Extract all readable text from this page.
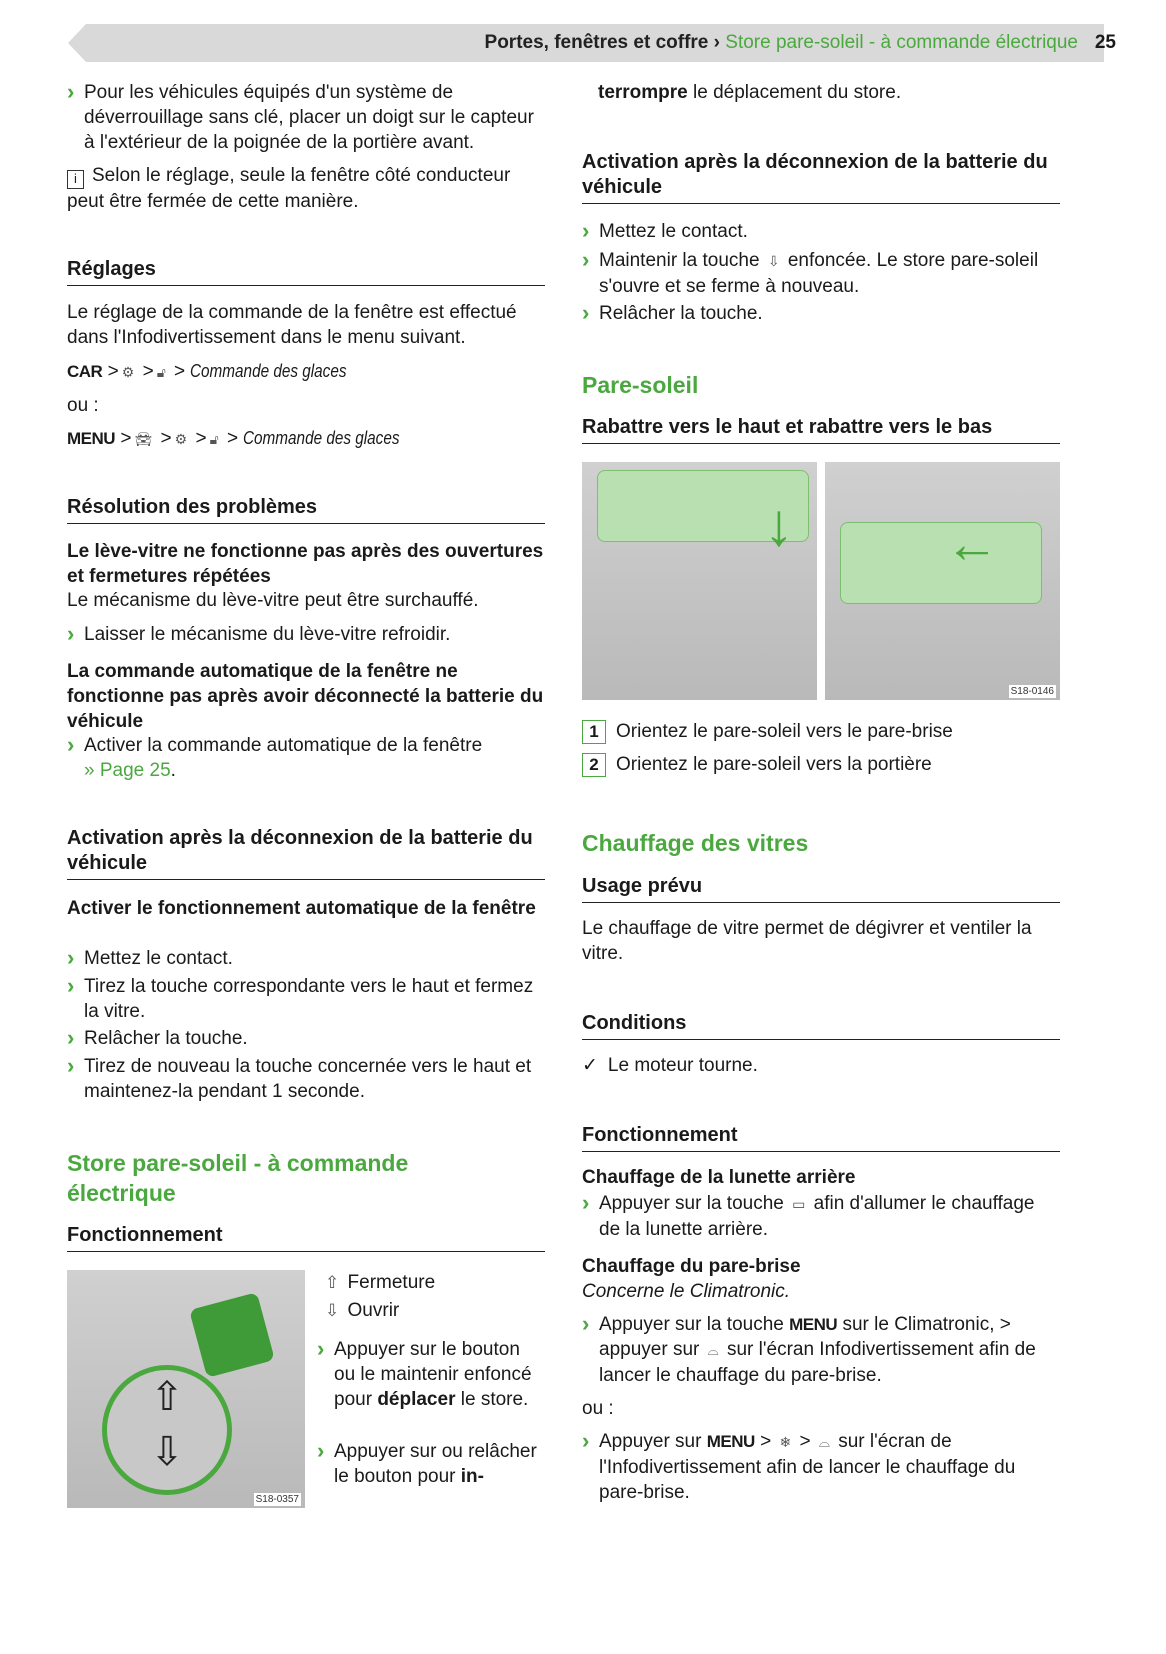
Portes, fenêtres et coffre › Store pare-soleil - à commande électrique 25
› Pour les véhicules équipés d'un système de déverrouillage sans clé, placer un doigt sur le capteur à l'extérieur de la poignée de la portière avant.
i Selon le réglage, seule la fenêtre côté conducteur peut être fermée de cette manière.
Réglages
Le réglage de la commande de la fenêtre est effectué dans l'Infodivertissement dans le menu suivant.
CAR > ⚙ > 🔓︎ > Commande des glaces
ou :
MENU > 🚘︎ > ⚙ > 🔓︎ > Commande des glaces
Résolution des problèmes
Le lève-vitre ne fonctionne pas après des ouvertures et fermetures répétées
Le mécanisme du lève-vitre peut être surchauffé.
› Laisser le mécanisme du lève-vitre refroidir.
La commande automatique de la fenêtre ne fonctionne pas après avoir déconnecté la batterie du véhicule
› Activer la commande automatique de la fenêtre » Page 25.
Activation après la déconnexion de la batterie du véhicule
Activer le fonctionnement automatique de la fenêtre
› Mettez le contact.
› Tirez la touche correspondante vers le haut et fermez la vitre.
› Relâcher la touche.
› Tirez de nouveau la touche concernée vers le haut et maintenez-la pendant 1 seconde.
Store pare-soleil - à commande électrique
Fonctionnement
⇧
⇩
S18-0357
⇧ Fermeture
⇩ Ouvrir
› Appuyer sur le bouton ou le maintenir enfoncé pour déplacer le store.
› Appuyer sur ou relâcher le bouton pour in-
terrompre le déplacement du store.
Activation après la déconnexion de la batterie du véhicule
› Mettez le contact.
› Maintenir la touche ⇩ enfoncée. Le store pare-soleil s'ouvre et se ferme à nouveau.
› Relâcher la touche.
Pare-soleil
Rabattre vers le haut et rabattre vers le bas
↓	←
S18-0146
1 Orientez le pare-soleil vers le pare-brise
2 Orientez le pare-soleil vers la portière
Chauffage des vitres
Usage prévu
Le chauffage de vitre permet de dégivrer et ventiler la vitre.
Conditions
✓ Le moteur tourne.
Fonctionnement
Chauffage de la lunette arrière
› Appuyer sur la touche ▭ afin d'allumer le chauffage de la lunette arrière.
Chauffage du pare-brise
Concerne le Climatronic.
› Appuyer sur la touche MENU sur le Climatronic, > appuyer sur ⌓ sur l'écran Infodivertissement afin de lancer le chauffage du pare-brise.
ou :
› Appuyer sur MENU > ❄ > ⌓ sur l'écran de l'Infodivertissement afin de lancer le chauffage du pare-brise.
